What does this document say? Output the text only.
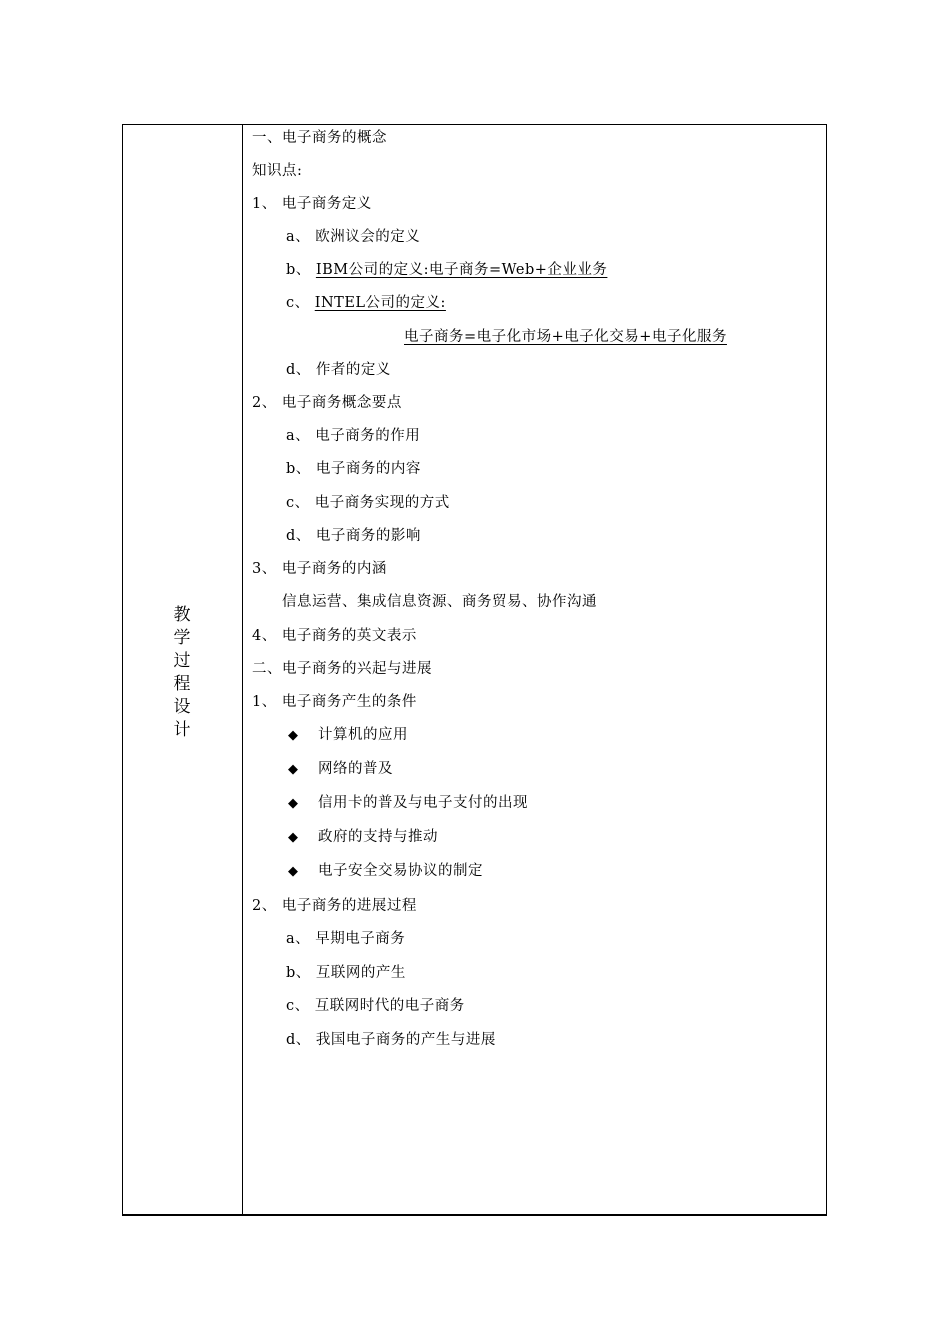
教
学
过
程
设
计
一、电子商务的概念
知识点:
1、 电子商务定义
a、 欧洲议会的定义
b、 IBM公司的定义:电子商务=Web+企业业务
c、 INTEL公司的定义:
电子商务=电子化市场+电子化交易+电子化服务
d、 作者的定义
2、 电子商务概念要点
a、 电子商务的作用
b、 电子商务的内容
c、 电子商务实现的方式
d、 电子商务的影响
3、 电子商务的内涵
信息运营、集成信息资源、商务贸易、协作沟通
4、 电子商务的英文表示
二、电子商务的兴起与进展
1、 电子商务产生的条件
◆ 计算机的应用
◆ 网络的普及
◆ 信用卡的普及与电子支付的出现
◆ 政府的支持与推动
◆ 电子安全交易协议的制定
2、 电子商务的进展过程
a、 早期电子商务
b、 互联网的产生
c、 互联网时代的电子商务
d、 我国电子商务的产生与进展
